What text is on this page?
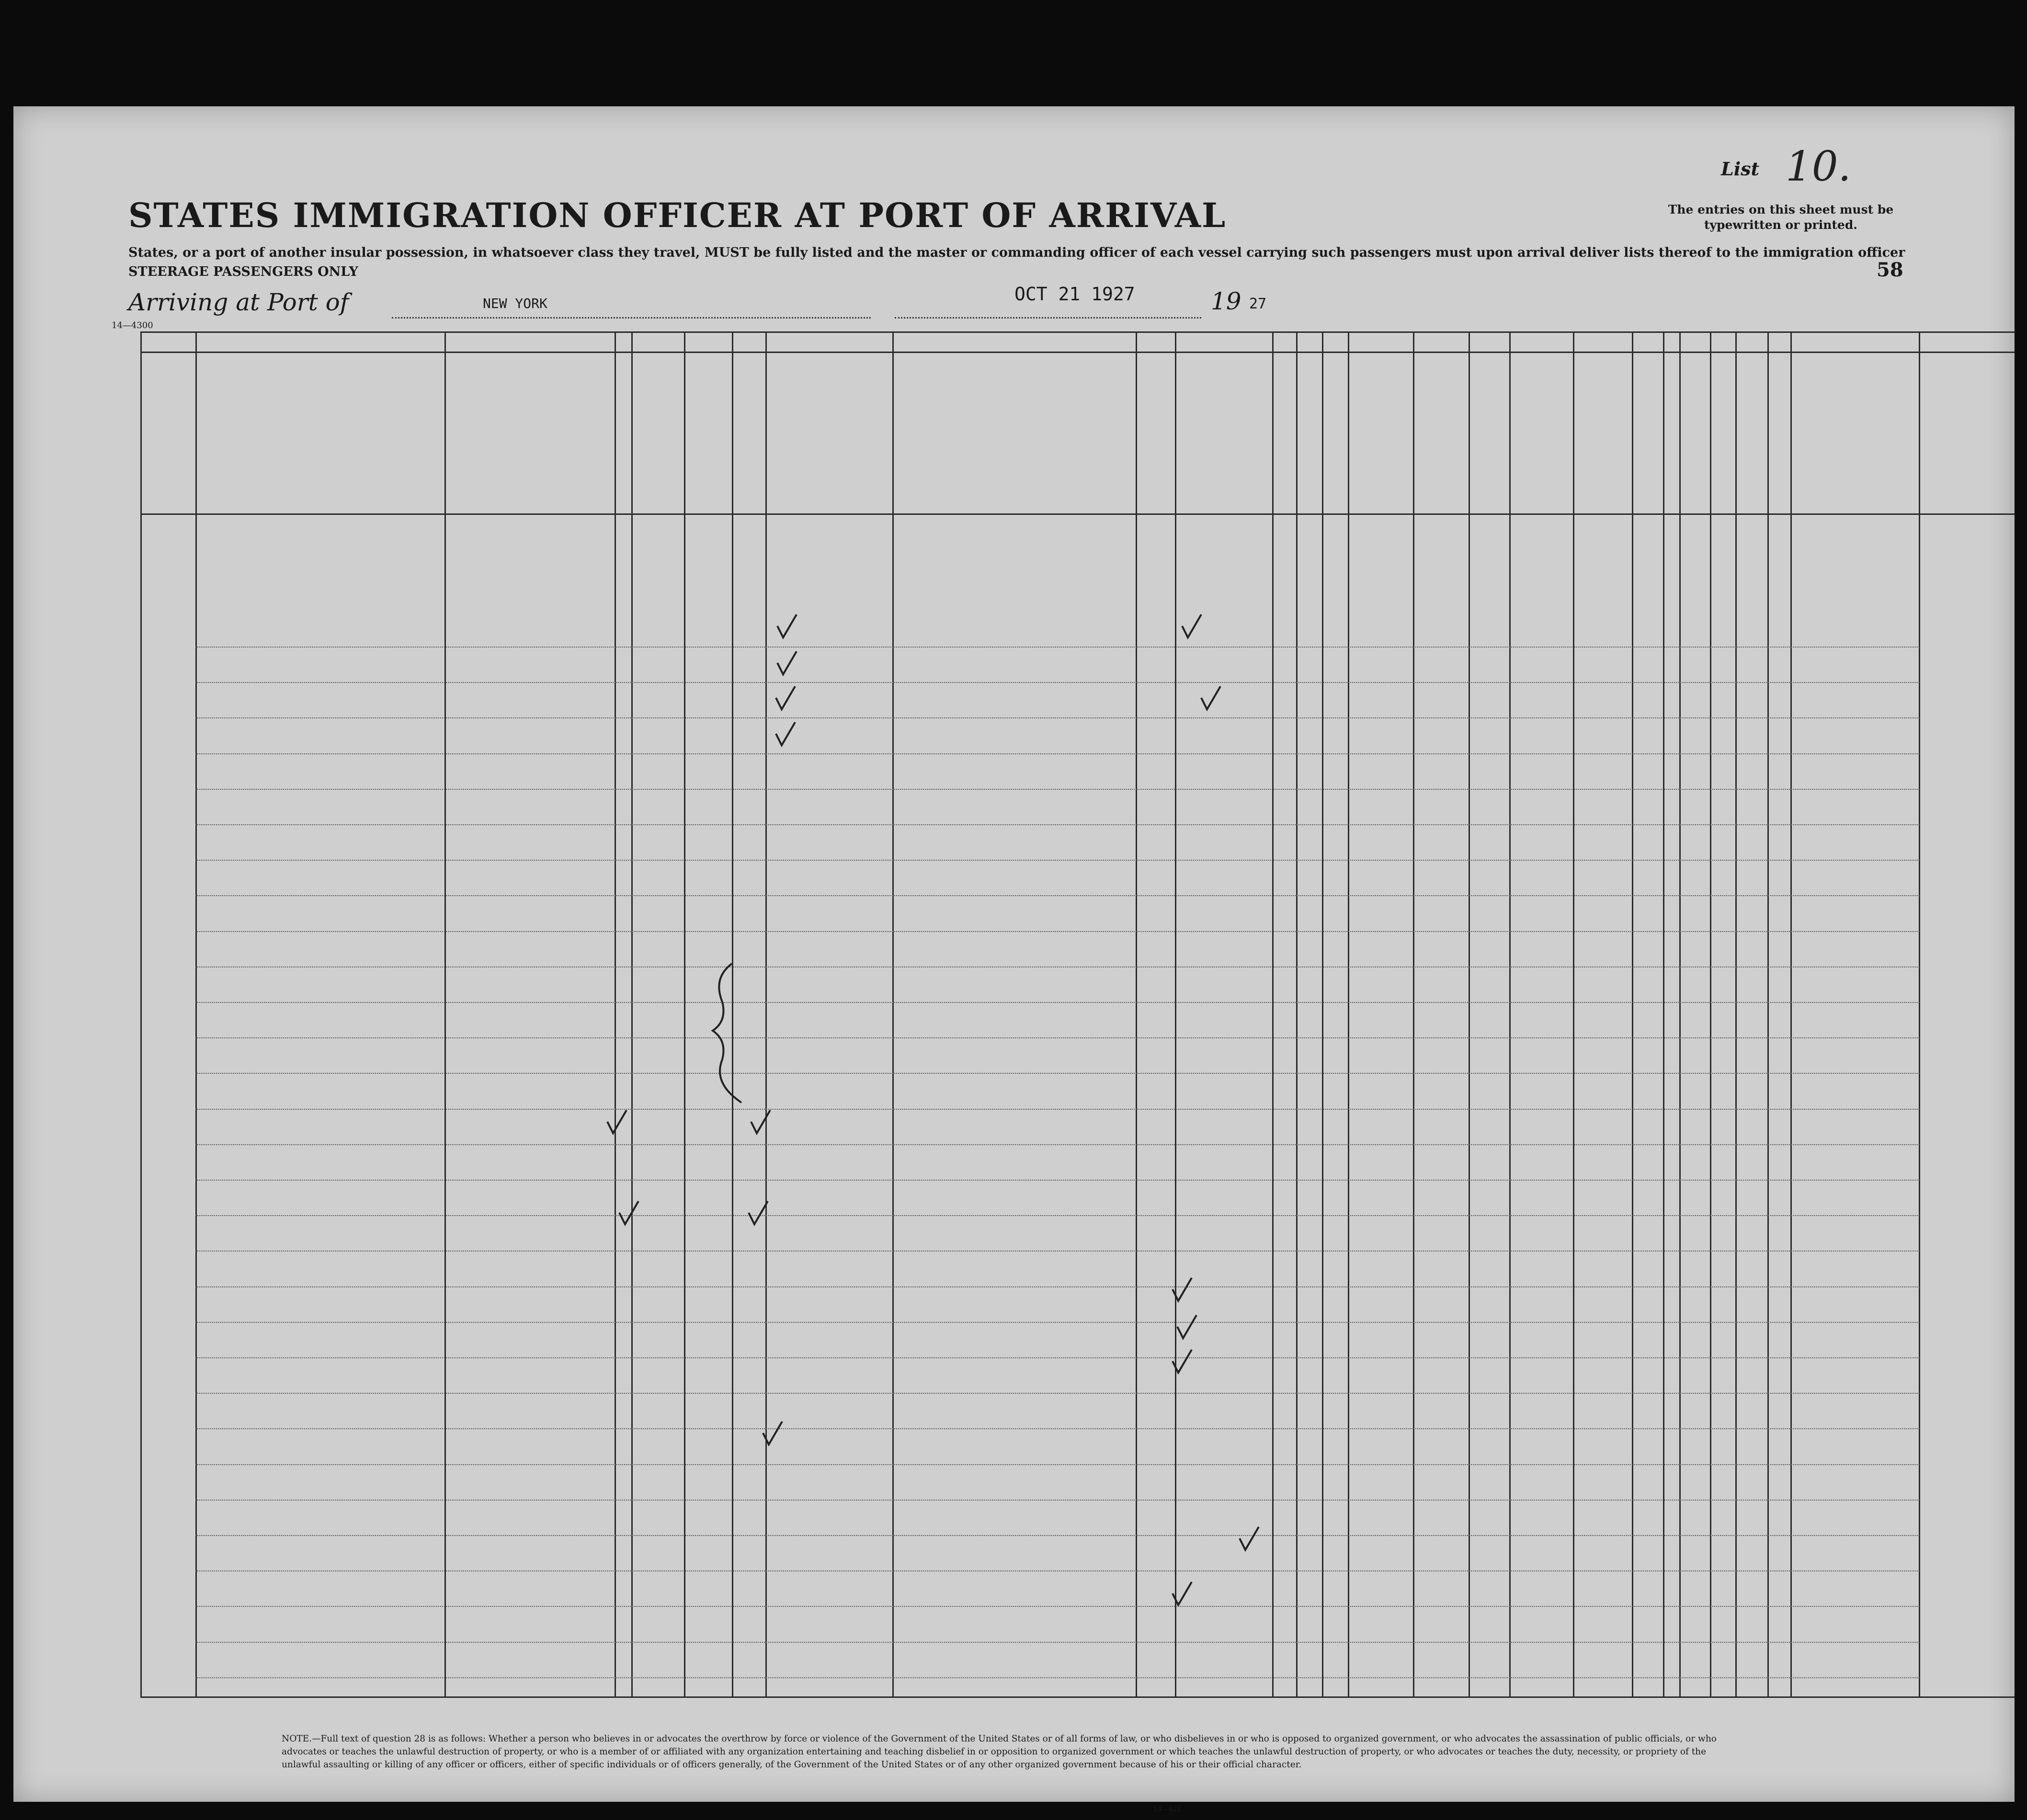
List 10.
STATES IMMIGRATION OFFICER AT PORT OF ARRIVAL	The entries on this sheet must be typewritten or printed.
States, or a port of another insular possession, in whatsoever class they travel, MUST be fully listed and the master or commanding officer of each vessel carrying such passengers must upon arrival deliver lists thereof to the immigration officer
STEERAGE PASSENGERS ONLY	58
Arriving at Port of	NEW YORK	OCT 21 1927	19 27
14—4300
NOTE.—Full text of question 28 is as follows: Whether a person who believes in or advocates the overthrow by force or violence of the Government of the United States or of all forms of law, or who disbelieves in or who is opposed to organized government, or who advocates the assassination of public officials, or who advocates or teaches the unlawful destruction of property, or who is a member of or affiliated with any organization entertaining and teaching disbelief in or opposition to organized government or which teaches the unlawful destruction of property, or who advocates or teaches the duty, necessity, or propriety of the unlawful assaulting or killing of any officer or officers, either of specific individuals or of officers generally, of the Government of the United States or of any other organized government because of his or their official character.
14—421
